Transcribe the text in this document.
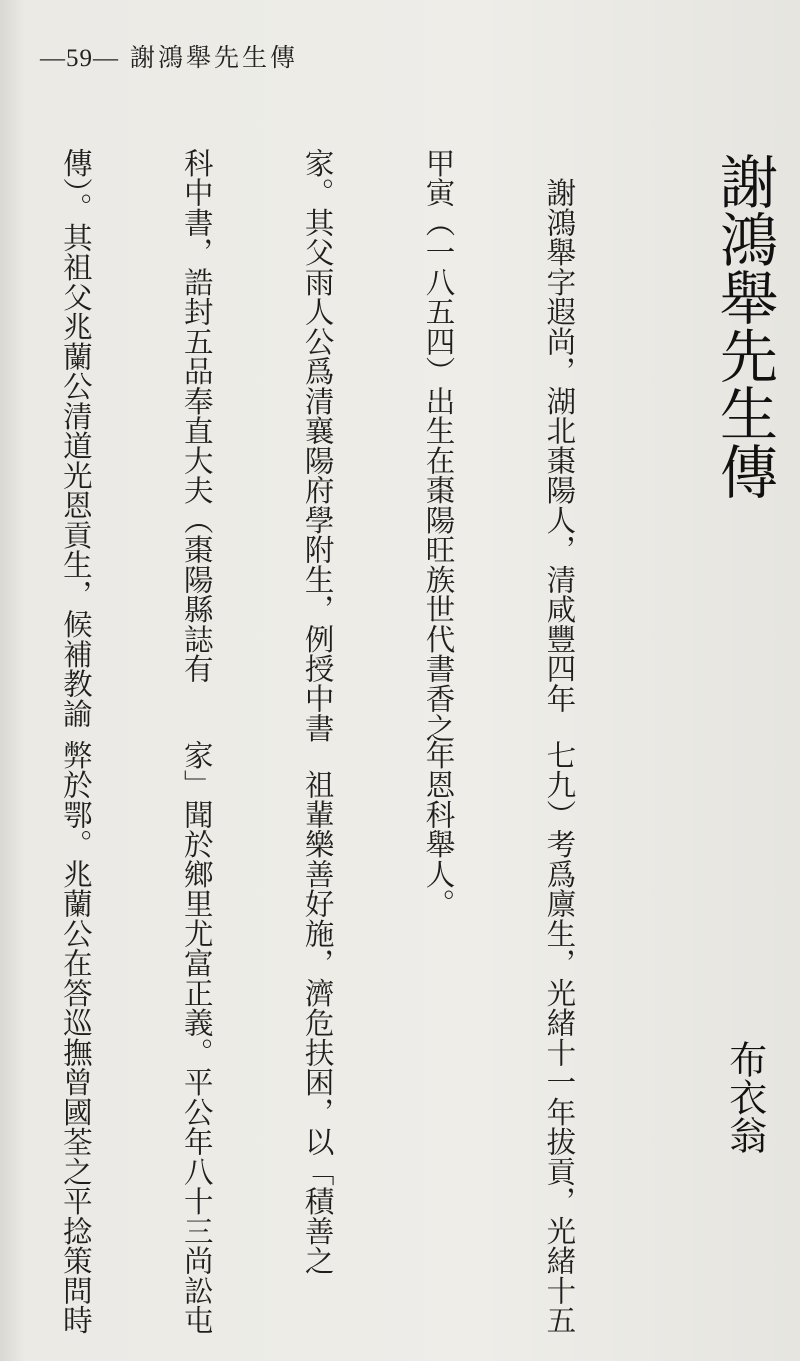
—59— 謝鴻舉先生傳
謝鴻舉先生傳
布衣翁

　謝鴻舉字遐尚，湖北棗陽人，清咸豐四年

甲寅（一八五四）出生在棗陽旺族世代書香之

家。其父雨人公爲清襄陽府學附生，例授中書

科中書，誥封五品奉直大夫（棗陽縣誌有

傳）。其祖父兆蘭公清道光恩貢生，候補教諭

七九）考爲廪生，光緒十一年拔貢，光緒十五

年恩科舉人。

　祖輩樂善好施，濟危扶困，以「積善之

家」聞於鄉里尤富正義。平公年八十三尚訟屯

弊於鄂。兆蘭公在答巡撫曾國荃之平捻策問時
